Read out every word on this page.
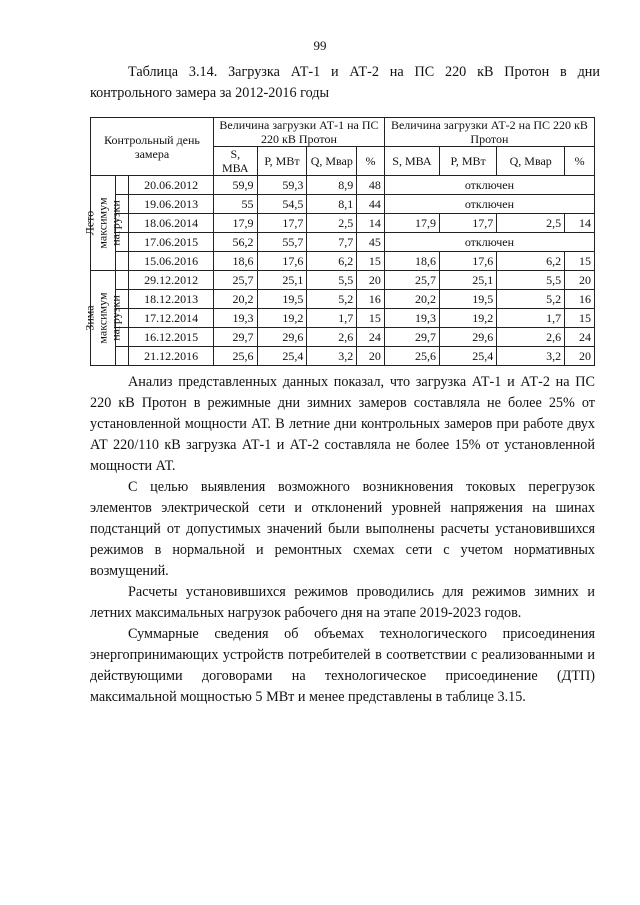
99
Таблица 3.14. Загрузка АТ-1 и АТ-2 на ПС 220 кВ Протон в дни
контрольного замера за 2012-2016 годы
Контрольный день замера			Величина загрузки АТ-1 на ПС 220 кВ Протон				Величина загрузки АТ-2 на ПС 220 кВ Протон			
			S, МВА	P, МВт	Q, Мвар	%	S, МВА	P, МВт	Q, Мвар	%

Лето максимум нагрузки		20.06.2012	59,9	59,3	8,9	48	отключен			
		19.06.2013	55	54,5	8,1	44	отключен			
		18.06.2014	17,9	17,7	2,5	14	17,9	17,7	2,5	14
		17.06.2015	56,2	55,7	7,7	45	отключен			
		15.06.2016	18,6	17,6	6,2	15	18,6	17,6	6,2	15

Зима максимум нагрузки		29.12.2012	25,7	25,1	5,5	20	25,7	25,1	5,5	20
		18.12.2013	20,2	19,5	5,2	16	20,2	19,5	5,2	16
		17.12.2014	19,3	19,2	1,7	15	19,3	19,2	1,7	15
		16.12.2015	29,7	29,6	2,6	24	29,7	29,6	2,6	24
		21.12.2016	25,6	25,4	3,2	20	25,6	25,4	3,2	20

Анализ представленных данных показал, что загрузка АТ-1 и АТ-2 на ПС 220 кВ Протон в режимные дни зимних замеров составляла не более 25% от установленной мощности АТ. В летние дни контрольных замеров при работе двух АТ 220/110 кВ загрузка АТ-1 и АТ-2 составляла не более 15% от установленной мощности АТ.

С целью выявления возможного возникновения токовых перегрузок элементов электрической сети и отклонений уровней напряжения на шинах подстанций от допустимых значений были выполнены расчеты установившихся режимов в нормальной и ремонтных схемах сети с учетом нормативных возмущений.

Расчеты установившихся режимов проводились для режимов зимних и летних максимальных нагрузок рабочего дня на этапе 2019-2023 годов.

Суммарные сведения об объемах технологического присоединения энергопринимающих устройств потребителей в соответствии с реализованными и действующими договорами на технологическое присоединение (ДТП) максимальной мощностью 5 МВт и менее представлены в таблице 3.15.
